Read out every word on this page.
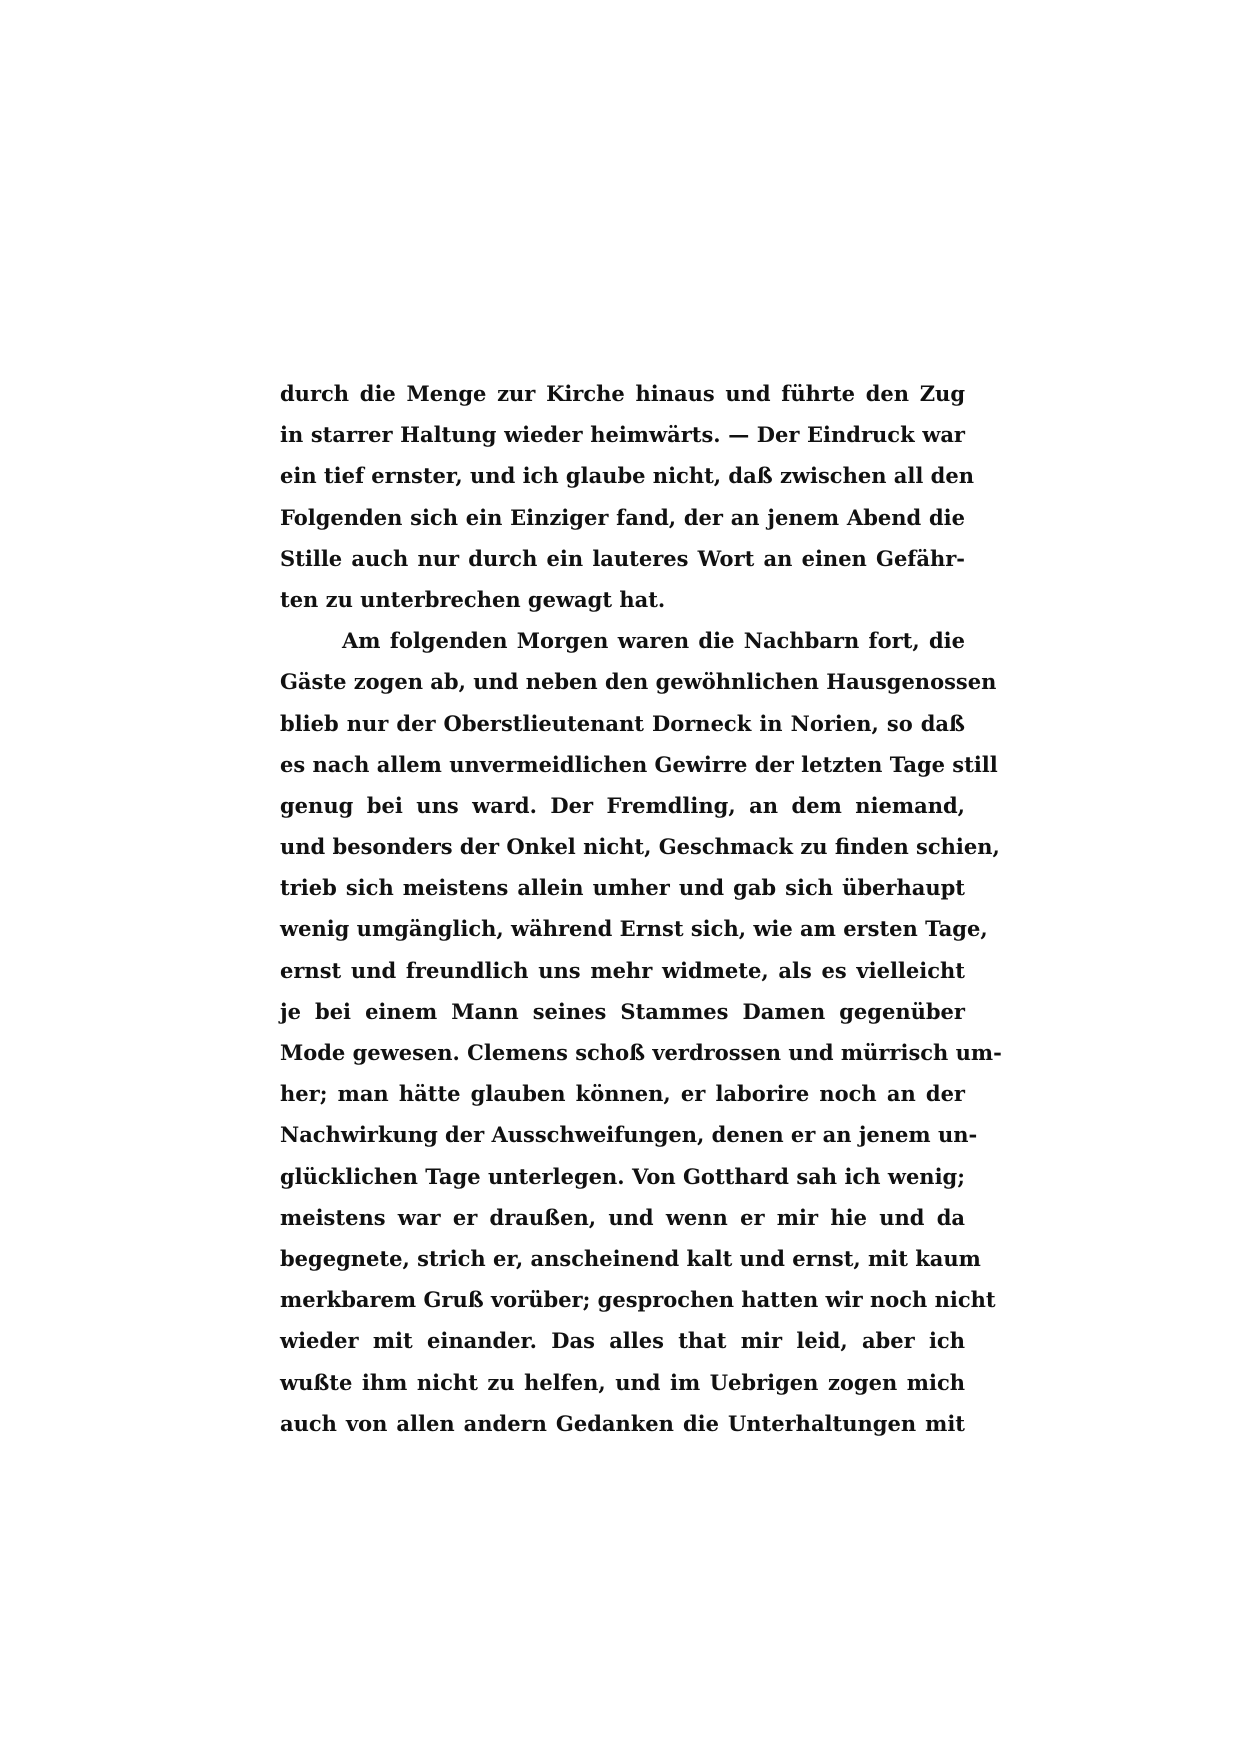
durch die Menge zur Kirche hinaus und führte den Zug
in starrer Haltung wieder heimwärts. — Der Eindruck war
ein tief ernster, und ich glaube nicht, daß zwischen all den
Folgenden sich ein Einziger fand, der an jenem Abend die
Stille auch nur durch ein lauteres Wort an einen Gefähr-
ten zu unterbrechen gewagt hat.
Am folgenden Morgen waren die Nachbarn fort, die
Gäste zogen ab, und neben den gewöhnlichen Hausgenossen
blieb nur der Oberstlieutenant Dorneck in Norien, so daß
es nach allem unvermeidlichen Gewirre der letzten Tage still
genug bei uns ward. Der Fremdling, an dem niemand,
und besonders der Onkel nicht, Geschmack zu finden schien,
trieb sich meistens allein umher und gab sich überhaupt
wenig umgänglich, während Ernst sich, wie am ersten Tage,
ernst und freundlich uns mehr widmete, als es vielleicht
je bei einem Mann seines Stammes Damen gegenüber
Mode gewesen. Clemens schoß verdrossen und mürrisch um-
her; man hätte glauben können, er laborire noch an der
Nachwirkung der Ausschweifungen, denen er an jenem un-
glücklichen Tage unterlegen. Von Gotthard sah ich wenig;
meistens war er draußen, und wenn er mir hie und da
begegnete, strich er, anscheinend kalt und ernst, mit kaum
merkbarem Gruß vorüber; gesprochen hatten wir noch nicht
wieder mit einander. Das alles that mir leid, aber ich
wußte ihm nicht zu helfen, und im Uebrigen zogen mich
auch von allen andern Gedanken die Unterhaltungen mit
